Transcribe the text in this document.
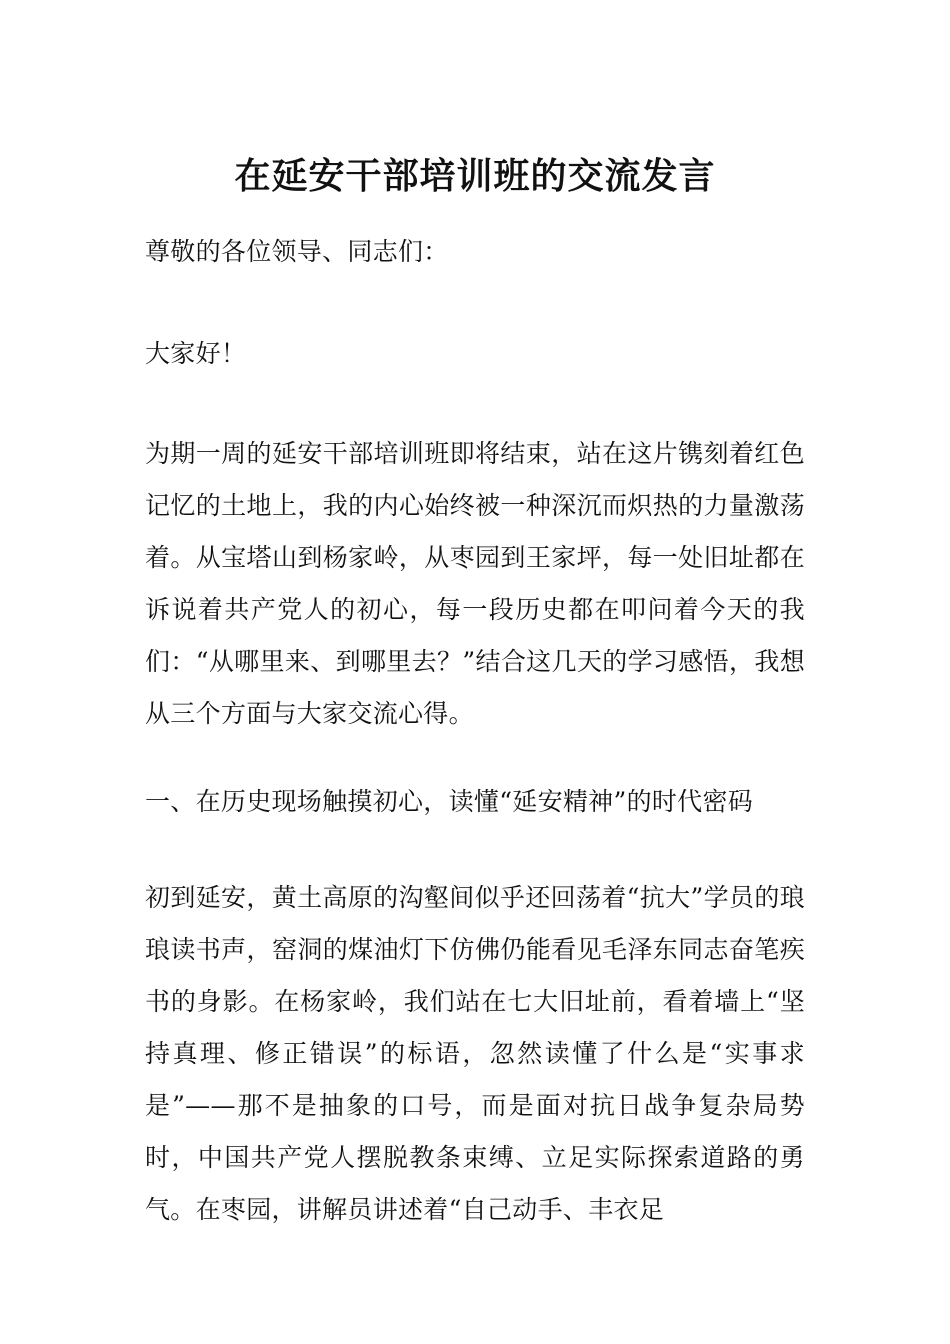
在延安干部培训班的交流发言

尊敬的各位领导、同志们：

大家好！

为期一周的延安干部培训班即将结束，站在这片镌刻着红色记忆的土地上，我的内心始终被一种深沉而炽热的力量激荡着。从宝塔山到杨家岭，从枣园到王家坪，每一处旧址都在诉说着共产党人的初心，每一段历史都在叩问着今天的我们：“从哪里来、到哪里去？”结合这几天的学习感悟，我想从三个方面与大家交流心得。

一、在历史现场触摸初心，读懂“延安精神”的时代密码

初到延安，黄土高原的沟壑间似乎还回荡着“抗大”学员的琅琅读书声，窑洞的煤油灯下仿佛仍能看见毛泽东同志奋笔疾书的身影。在杨家岭，我们站在七大旧址前，看着墙上“坚持真理、修正错误”的标语，忽然读懂了什么是“实事求是”——那不是抽象的口号，而是面对抗日战争复杂局势时，中国共产党人摆脱教条束缚、立足实际探索道路的勇气。在枣园，讲解员讲述着“自己动手、丰衣足
